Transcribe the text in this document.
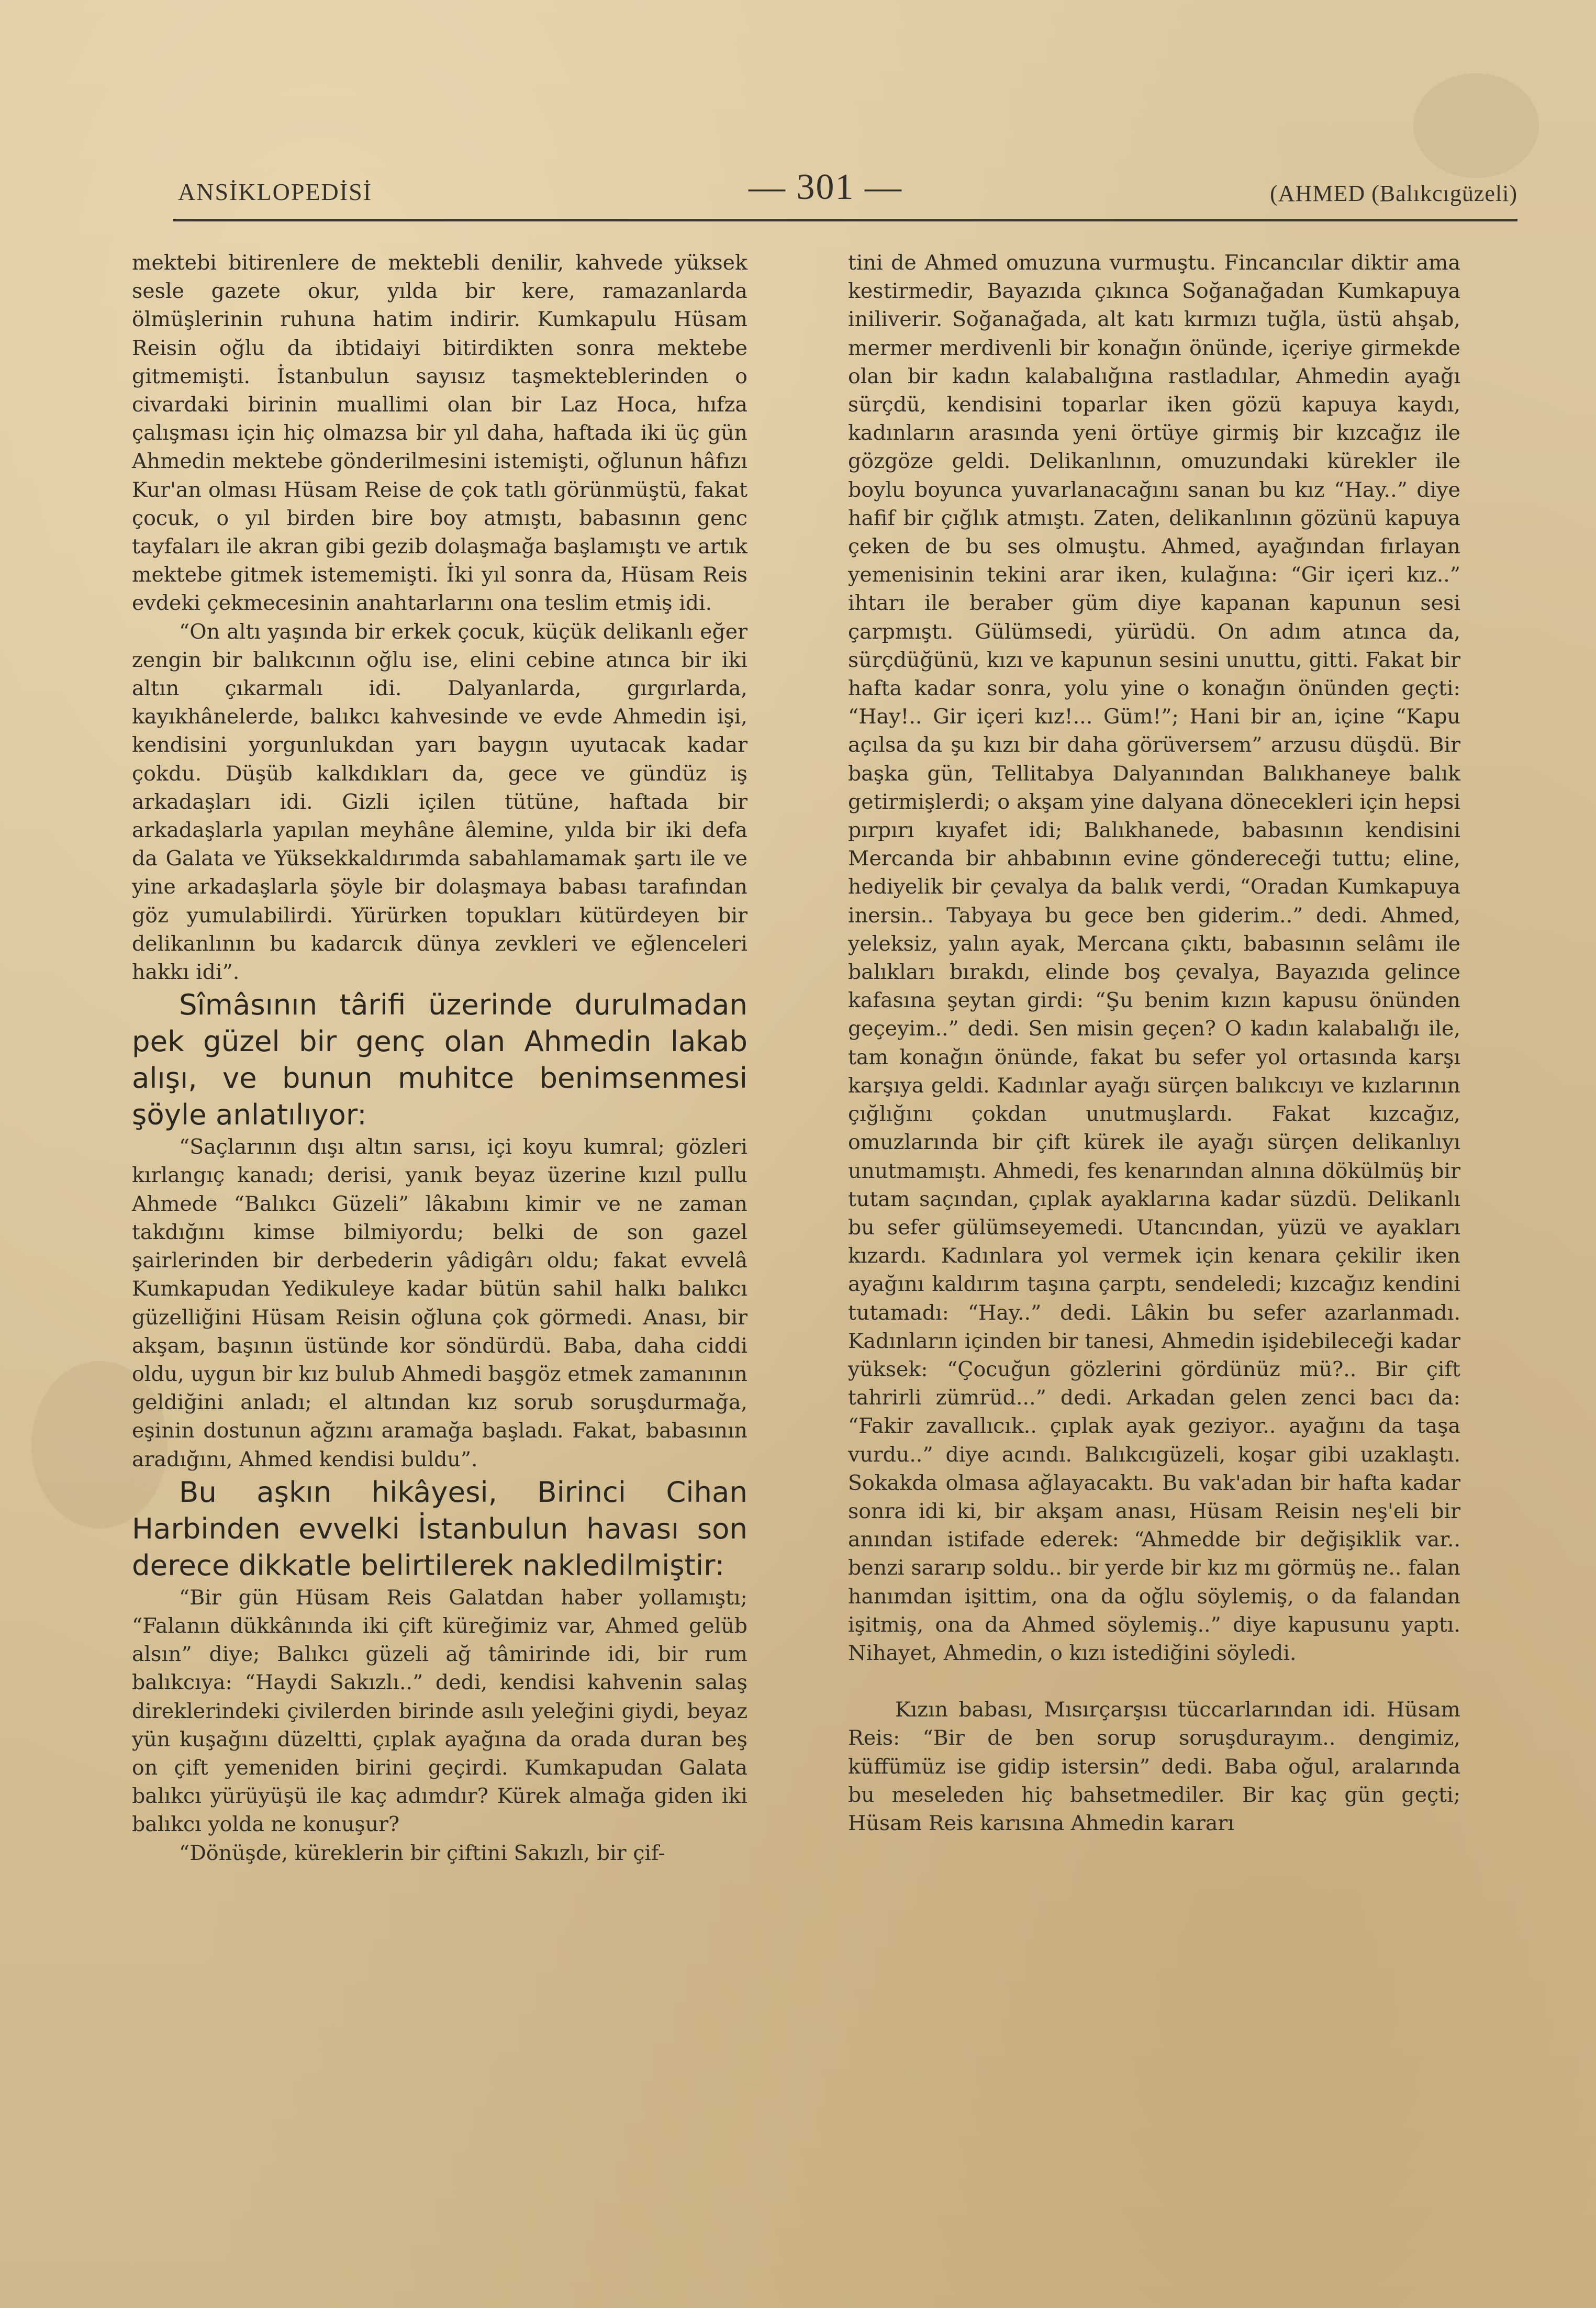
ANSİKLOPEDİSİ	— 301 —	(AHMED (Balıkcıgüzeli)

mektebi bitirenlere de mektebli denilir, kahvede yüksek sesle gazete okur, yılda bir kere, ramazanlarda ölmüşlerinin ruhuna hatim indirir. Kumkapulu Hüsam Reisin oğlu da ibtidaiyi bitirdikten sonra mektebe gitmemişti. İstanbulun sayısız taşmekteblerinden o civardaki birinin muallimi olan bir Laz Hoca, hıfza çalışması için hiç olmazsa bir yıl daha, haftada iki üç gün Ahmedin mektebe gönderilmesini istemişti, oğlunun hâfızı Kur'an olması Hüsam Reise de çok tatlı görünmüştü, fakat çocuk, o yıl birden bire boy atmıştı, babasının genc tayfaları ile akran gibi gezib dolaşmağa başlamıştı ve artık mektebe gitmek istememişti. İki yıl sonra da, Hüsam Reis evdeki çekmecesinin anahtarlarını ona teslim etmiş idi.

“On altı yaşında bir erkek çocuk, küçük delikanlı eğer zengin bir balıkcının oğlu ise, elini cebine atınca bir iki altın çıkarmalı idi. Dalyanlarda, gırgırlarda, kayıkhânelerde, balıkcı kahvesinde ve evde Ahmedin işi, kendisini yorgunlukdan yarı baygın uyutacak kadar çokdu. Düşüb kalkdıkları da, gece ve gündüz iş arkadaşları idi. Gizli içilen tütüne, haftada bir arkadaşlarla yapılan meyhâne âlemine, yılda bir iki defa da Galata ve Yüksekkaldırımda sabahlamamak şartı ile ve yine arkadaşlarla şöyle bir dolaşmaya babası tarafından göz yumulabilirdi. Yürürken topukları kütürdeyen bir delikanlının bu kadarcık dünya zevkleri ve eğlenceleri hakkı idi”.

Sîmâsının târifi üzerinde durulmadan pek güzel bir genç olan Ahmedin lakab alışı, ve bunun muhitce benimsenmesi şöyle anlatılıyor:

“Saçlarının dışı altın sarısı, içi koyu kumral; gözleri kırlangıç kanadı; derisi, yanık beyaz üzerine kızıl pullu Ahmede “Balıkcı Güzeli” lâkabını kimir ve ne zaman takdığını kimse bilmiyordu; belki de son gazel şairlerinden bir derbederin yâdigârı oldu; fakat evvelâ Kumkapudan Yedikuleye kadar bütün sahil halkı balıkcı güzelliğini Hüsam Reisin oğluna çok görmedi. Anası, bir akşam, başının üstünde kor söndürdü. Baba, daha ciddi oldu, uygun bir kız bulub Ahmedi başgöz etmek zamanının geldiğini anladı; el altından kız sorub soruşdurmağa, eşinin dostunun ağzını aramağa başladı. Fakat, babasının aradığını, Ahmed kendisi buldu”.

Bu aşkın hikâyesi, Birinci Cihan Harbinden evvelki İstanbulun havası son derece dikkatle belirtilerek nakledilmiştir:

“Bir gün Hüsam Reis Galatdan haber yollamıştı; “Falanın dükkânında iki çift küreğimiz var, Ahmed gelüb alsın” diye; Balıkcı güzeli ağ tâmirinde idi, bir rum balıkcıya: “Haydi Sakızlı..” dedi, kendisi kahvenin salaş direklerindeki çivilerden birinde asılı yeleğini giydi, beyaz yün kuşağını düzeltti, çıplak ayağına da orada duran beş on çift yemeniden birini geçirdi. Kumkapudan Galata balıkcı yürüyüşü ile kaç adımdır? Kürek almağa giden iki balıkcı yolda ne konuşur?

“Dönüşde, küreklerin bir çiftini Sakızlı, bir çif-

tini de Ahmed omuzuna vurmuştu. Fincancılar diktir ama kestirmedir, Bayazıda çıkınca Soğanağadan Kumkapuya iniliverir. Soğanağada, alt katı kırmızı tuğla, üstü ahşab, mermer merdivenli bir konağın önünde, içeriye girmekde olan bir kadın kalabalığına rastladılar, Ahmedin ayağı sürçdü, kendisini toparlar iken gözü kapuya kaydı, kadınların arasında yeni örtüye girmiş bir kızcağız ile gözgöze geldi. Delikanlının, omuzundaki kürekler ile boylu boyunca yuvarlanacağını sanan bu kız “Hay..” diye hafif bir çığlık atmıştı. Zaten, delikanlının gözünü kapuya çeken de bu ses olmuştu. Ahmed, ayağından fırlayan yemenisinin tekini arar iken, kulağına: “Gir içeri kız..” ihtarı ile beraber güm diye kapanan kapunun sesi çarpmıştı. Gülümsedi, yürüdü. On adım atınca da, sürçdüğünü, kızı ve kapunun sesini unuttu, gitti. Fakat bir hafta kadar sonra, yolu yine o konağın önünden geçti: “Hay!.. Gir içeri kız!... Güm!”; Hani bir an, içine “Kapu açılsa da şu kızı bir daha görüversem” arzusu düşdü. Bir başka gün, Tellitabya Dalyanından Balıkhaneye balık getirmişlerdi; o akşam yine dalyana dönecekleri için hepsi pırpırı kıyafet idi; Balıkhanede, babasının kendisini Mercanda bir ahbabının evine göndereceği tuttu; eline, hediyelik bir çevalya da balık verdi, “Oradan Kumkapuya inersin.. Tabyaya bu gece ben giderim..” dedi. Ahmed, yeleksiz, yalın ayak, Mercana çıktı, babasının selâmı ile balıkları bırakdı, elinde boş çevalya, Bayazıda gelince kafasına şeytan girdi: “Şu benim kızın kapusu önünden geçeyim..” dedi. Sen misin geçen? O kadın kalabalığı ile, tam konağın önünde, fakat bu sefer yol ortasında karşı karşıya geldi. Kadınlar ayağı sürçen balıkcıyı ve kızlarının çığlığını çokdan unutmuşlardı. Fakat kızcağız, omuzlarında bir çift kürek ile ayağı sürçen delikanlıyı unutmamıştı. Ahmedi, fes kenarından alnına dökülmüş bir tutam saçından, çıplak ayaklarına kadar süzdü. Delikanlı bu sefer gülümseyemedi. Utancından, yüzü ve ayakları kızardı. Kadınlara yol vermek için kenara çekilir iken ayağını kaldırım taşına çarptı, sendeledi; kızcağız kendini tutamadı: “Hay..” dedi. Lâkin bu sefer azarlanmadı. Kadınların içinden bir tanesi, Ahmedin işidebileceği kadar yüksek: “Çocuğun gözlerini gördünüz mü?.. Bir çift tahrirli zümrüd...” dedi. Arkadan gelen zenci bacı da: “Fakir zavallıcık.. çıplak ayak geziyor.. ayağını da taşa vurdu..” diye acındı. Balıkcıgüzeli, koşar gibi uzaklaştı. Sokakda olmasa ağlayacaktı. Bu vak'adan bir hafta kadar sonra idi ki, bir akşam anası, Hüsam Reisin neş'eli bir anından istifade ederek: “Ahmedde bir değişiklik var.. benzi sararıp soldu.. bir yerde bir kız mı görmüş ne.. falan hanımdan işittim, ona da oğlu söylemiş, o da falandan işitmiş, ona da Ahmed söylemiş..” diye kapusunu yaptı. Nihayet, Ahmedin, o kızı istediğini söyledi.

Kızın babası, Mısırçarşısı tüccarlarından idi. Hüsam Reis: “Bir de ben sorup soruşdurayım.. dengimiz, küffümüz ise gidip istersin” dedi. Baba oğul, aralarında bu meseleden hiç bahsetmediler. Bir kaç gün geçti; Hüsam Reis karısına Ahmedin kararı
